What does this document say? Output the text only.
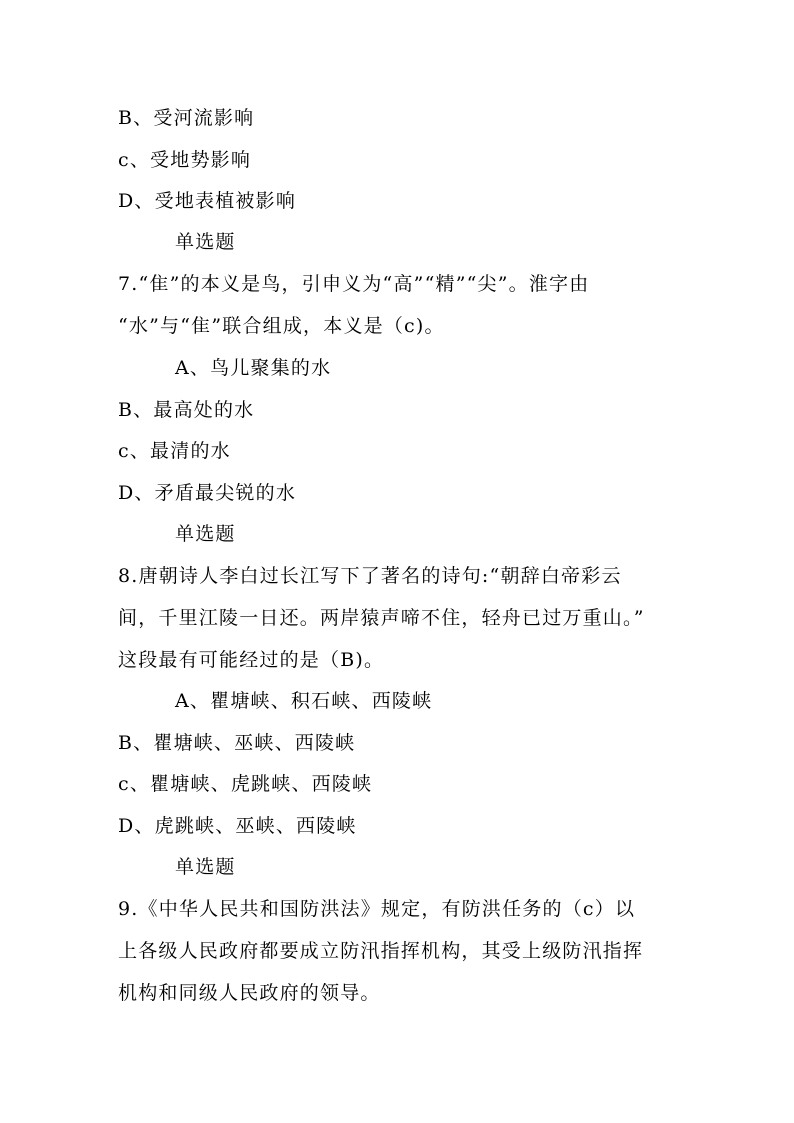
B、受河流影响
c、受地势影响
D、受地表植被影响
单选题
7.“隹”的本义是鸟，引申义为“高”“精”“尖”。淮字由
“水”与“隹”联合组成，本义是（c)。
A、鸟儿聚集的水
B、最高处的水
c、最清的水
D、矛盾最尖锐的水
单选题
8.唐朝诗人李白过长江写下了著名的诗句:“朝辞白帝彩云
间，千里江陵一日还。两岸猿声啼不住，轻舟已过万重山。”
这段最有可能经过的是（B)。
A、瞿塘峡、积石峡、西陵峡
B、瞿塘峡、巫峡、西陵峡
c、瞿塘峡、虎跳峡、西陵峡
D、虎跳峡、巫峡、西陵峡
单选题
9.《中华人民共和国防洪法》规定，有防洪任务的（c）以
上各级人民政府都要成立防汛指挥机构，其受上级防汛指挥
机构和同级人民政府的领导。
